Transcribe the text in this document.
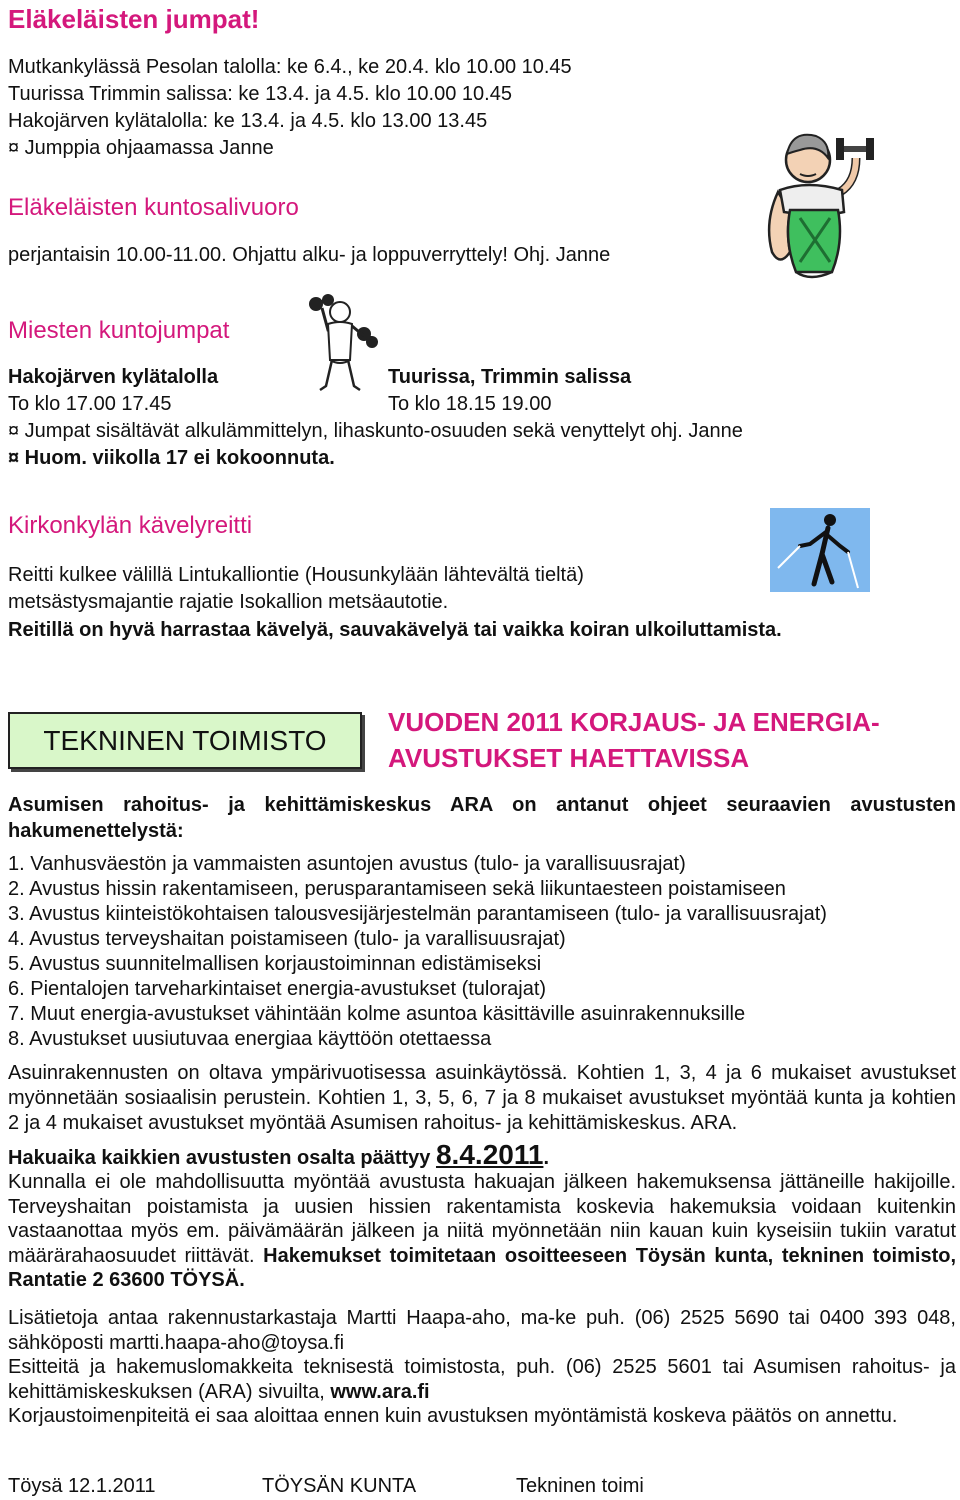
Eläkeläisten jumpat!
Mutkankylässä Pesolan talolla: ke 6.4., ke 20.4. klo 10.00 10.45
Tuurissa Trimmin salissa: ke 13.4. ja 4.5. klo 10.00 10.45
Hakojärven kylätalolla: ke 13.4. ja 4.5. klo 13.00 13.45
¤ Jumppia ohjaamassa Janne
Eläkeläisten kuntosalivuoro
perjantaisin 10.00-11.00. Ohjattu alku- ja loppuverryttely! Ohj. Janne
Miesten kuntojumpat
Hakojärven kylätalolla	Tuurissa, Trimmin salissa
To klo 17.00 17.45	To klo 18.15 19.00
¤ Jumpat sisältävät alkulämmittelyn, lihaskunto-osuuden sekä venyttelyt ohj. Janne
¤ Huom. viikolla 17 ei kokoonnuta.
Kirkonkylän kävelyreitti
Reitti kulkee välillä Lintukalliontie (Housunkylään lähtevältä tieltä)
metsästysmajantie rajatie Isokallion metsäautotie.
Reitillä on hyvä harrastaa kävelyä, sauvakävelyä tai vaikka koiran ulkoiluttamista.
TEKNINEN TOIMISTO
VUODEN 2011 KORJAUS- JA ENERGIA-
AVUSTUKSET HAETTAVISSA
Asumisen rahoitus- ja kehittämiskeskus ARA on antanut ohjeet seuraavien avustusten hakumenettelystä:
1. Vanhusväestön ja vammaisten asuntojen avustus (tulo- ja varallisuusrajat)
2. Avustus hissin rakentamiseen, perusparantamiseen sekä liikuntaesteen poistamiseen
3. Avustus kiinteistökohtaisen talousvesijärjestelmän parantamiseen (tulo- ja varallisuusrajat)
4. Avustus terveyshaitan poistamiseen (tulo- ja varallisuusrajat)
5. Avustus suunnitelmallisen korjaustoiminnan edistämiseksi
6. Pientalojen tarveharkintaiset energia-avustukset (tulorajat)
7. Muut energia-avustukset vähintään kolme asuntoa käsittäville asuinrakennuksille
8. Avustukset uusiutuvaa energiaa käyttöön otettaessa
Asuinrakennusten on oltava ympärivuotisessa asuinkäytössä. Kohtien 1, 3, 4 ja 6 mukaiset avustukset myönnetään sosiaalisin perustein. Kohtien 1, 3, 5, 6, 7 ja 8 mukaiset avustukset myöntää kunta ja kohtien 2 ja 4 mukaiset avustukset myöntää Asumisen rahoitus- ja kehittämiskeskus. ARA.
Hakuaika kaikkien avustusten osalta päättyy 8.4.2011.
Kunnalla ei ole mahdollisuutta myöntää avustusta hakuajan jälkeen hakemuksensa jättäneille hakijoille. Terveyshaitan poistamista ja uusien hissien rakentamista koskevia hakemuksia voidaan kuitenkin vastaanottaa myös em. päivämäärän jälkeen ja niitä myönnetään niin kauan kuin kyseisiin tukiin varatut määrärahaosuudet riittävät. Hakemukset toimitetaan osoitteeseen Töysän kunta, tekninen toimisto, Rantatie 2 63600 TÖYSÄ.
Lisätietoja antaa rakennustarkastaja Martti Haapa-aho, ma-ke puh. (06) 2525 5690 tai 0400 393 048, sähköposti martti.haapa-aho@toysa.fi
Esitteitä ja hakemuslomakkeita teknisestä toimistosta, puh. (06) 2525 5601 tai Asumisen rahoitus- ja kehittämiskeskuksen (ARA) sivuilta, www.ara.fi
Korjaustoimenpiteitä ei saa aloittaa ennen kuin avustuksen myöntämistä koskeva päätös on annettu.
Töysä 12.1.2011	TÖYSÄN KUNTA	Tekninen toimi
